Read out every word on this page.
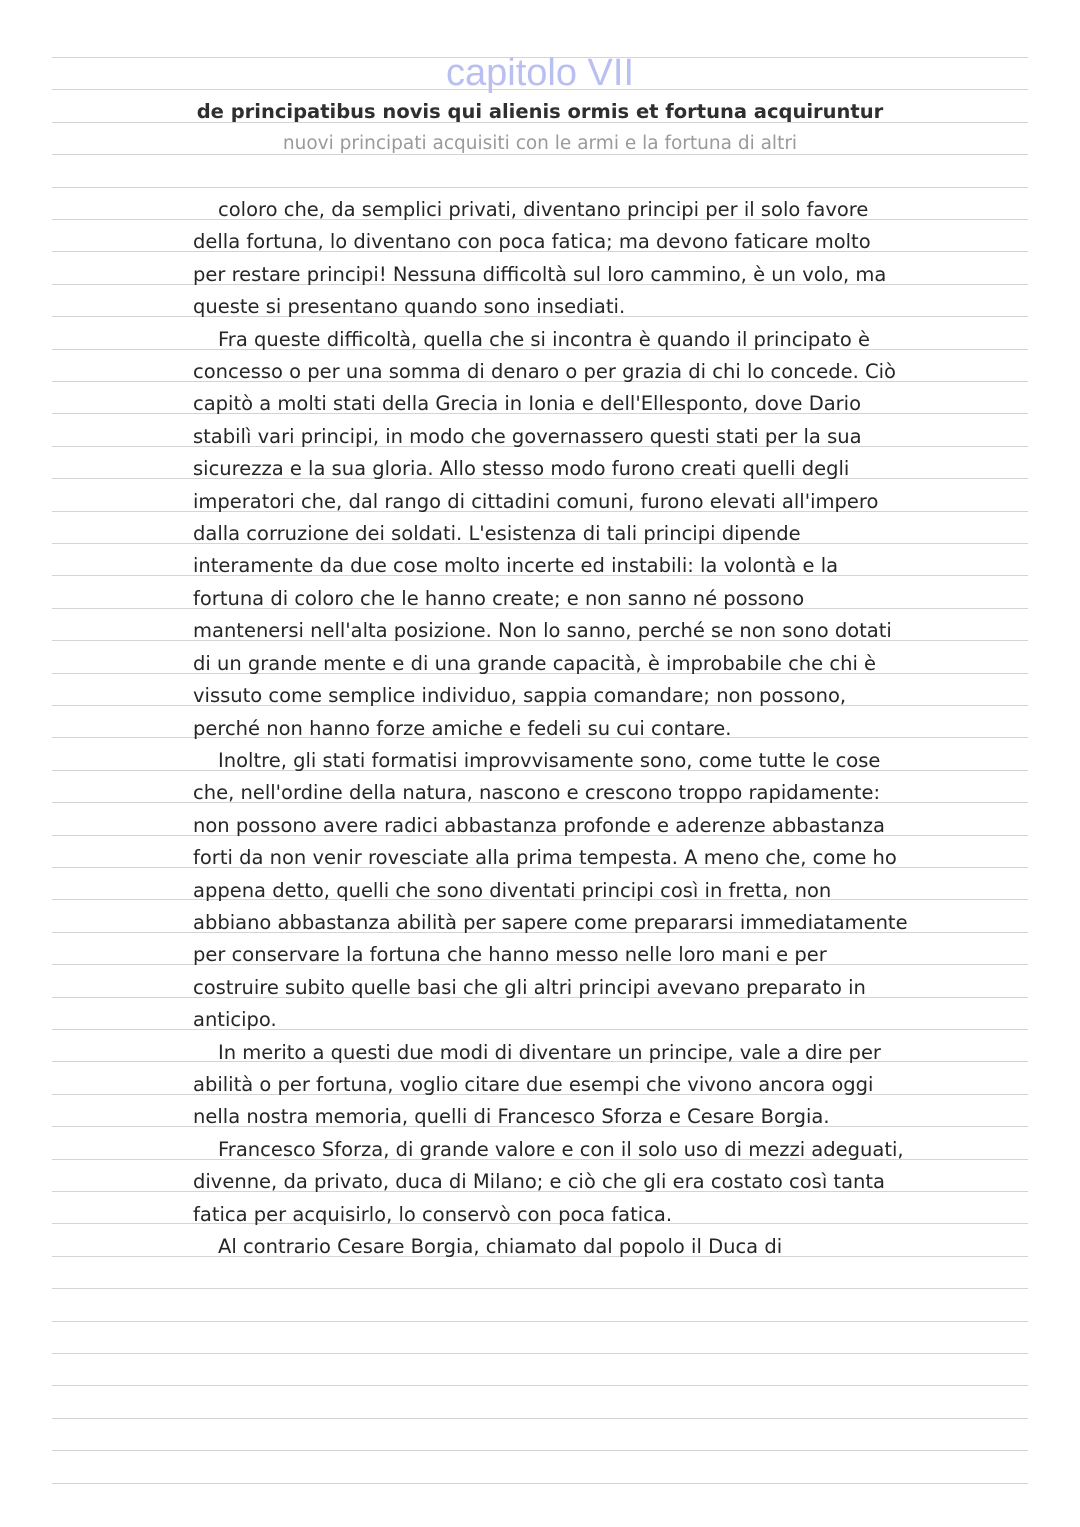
capitolo VII

de principatibus novis qui alienis ormis et fortuna acquiruntur

nuovi principati acquisiti con le armi e la fortuna di altri

coloro che, da semplici privati, diventano principi per il solo favore della fortuna, lo diventano con poca fatica; ma devono faticare molto per restare principi! Nessuna difficoltà sul loro cammino, è un volo, ma queste si presentano quando sono insediati.

Fra queste difficoltà, quella che si incontra è quando il principato è concesso o per una somma di denaro o per grazia di chi lo concede. Ciò capitò a molti stati della Grecia in Ionia e dell'Ellesponto, dove Dario stabilì vari principi, in modo che governassero questi stati per la sua sicurezza e la sua gloria. Allo stesso modo furono creati quelli degli imperatori che, dal rango di cittadini comuni, furono elevati all'impero dalla corruzione dei soldati. L'esistenza di tali principi dipende interamente da due cose molto incerte ed instabili: la volontà e la fortuna di coloro che le hanno create; e non sanno né possono mantenersi nell'alta posizione. Non lo sanno, perché se non sono dotati di un grande mente e di una grande capacità, è improbabile che chi è vissuto come semplice individuo, sappia comandare; non possono, perché non hanno forze amiche e fedeli su cui contare.

Inoltre, gli stati formatisi improvvisamente sono, come tutte le cose che, nell'ordine della natura, nascono e crescono troppo rapidamente: non possono avere radici abbastanza profonde e aderenze abbastanza forti da non venir rovesciate alla prima tempesta. A meno che, come ho appena detto, quelli che sono diventati principi così in fretta, non abbiano abbastanza abilità per sapere come prepararsi immediatamente per conservare la fortuna che hanno messo nelle loro mani e per costruire subito quelle basi che gli altri principi avevano preparato in anticipo.

In merito a questi due modi di diventare un principe, vale a dire per abilità o per fortuna, voglio citare due esempi che vivono ancora oggi nella nostra memoria, quelli di Francesco Sforza e Cesare Borgia.

Francesco Sforza, di grande valore e con il solo uso di mezzi adeguati, divenne, da privato, duca di Milano; e ciò che gli era costato così tanta fatica per acquisirlo, lo conservò con poca fatica.

Al contrario Cesare Borgia, chiamato dal popolo il Duca di
